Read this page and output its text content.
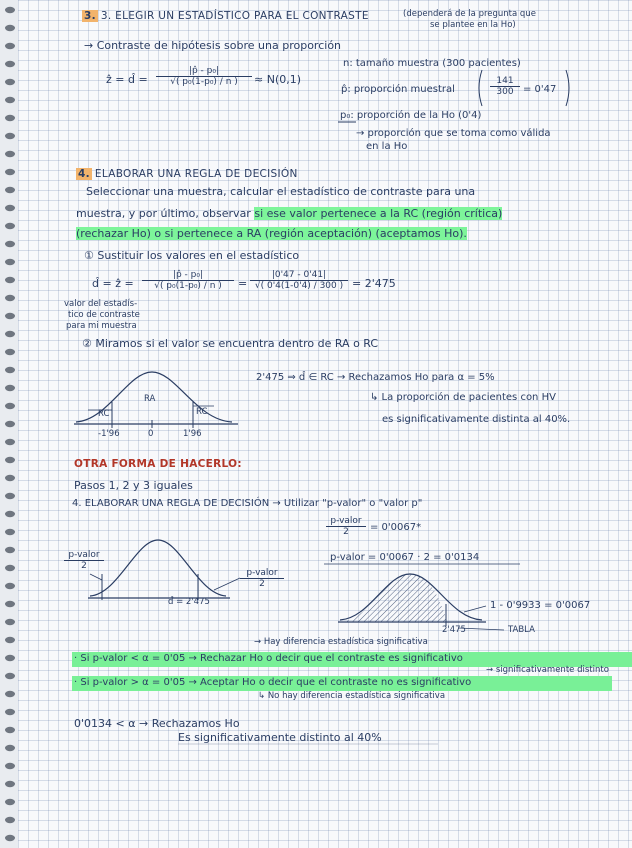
3. 3. ELEGIR UN ESTADÍSTICO PARA EL CONTRASTE	(dependerá de la pregunta que
se plantee en la Ho)
→ Contraste de hipótesis sobre una proporción
ẑ = d̂ = $\frac{\text{|p̂ - p₀|}}{\text{√( p₀(1-p₀) / n )}} \approx N(0,1)$
n: tamaño muestra (300 pacientes)
p̂: proporción muestral	$\frac{141}{300} = 0'47$
p₀: proporción de la Ho (0'4)
→ proporción que se toma como válida
en la Ho
4. ELABORAR UNA REGLA DE DECISIÓN
Seleccionar una muestra, calcular el estadístico de contraste para una
muestra, y por último, observar si ese valor pertenece a la RC (región crítica)
(rechazar Ho) o si pertenece a RA (región aceptación) (aceptamos Ho).
① Sustituir los valores en el estadístico
d̂ = ẑ = $\frac{\text{|p̂ - p₀|}}{\text{√( p₀(1-p₀) / n )}} = \frac{|0'47 - 0'41|}{√( 0'4(1-0'4) / 300 )} = 2'475$
valor del estadís-
tico de contraste
para mi muestra
② Miramos si el valor se encuentra dentro de RA o RC
RA
RC	RC
-1'96	0	1'96
2'475 ⇒ d̂ ∈ RC → Rechazamos Ho para α = 5%
↳ La proporción de pacientes con HV
es significativamente distinta al 40%.
OTRA FORMA DE HACERLO:
Pasos 1, 2 y 3 iguales
4. ELABORAR UNA REGLA DE DECISIÓN → Utilizar "p-valor" o "valor p"
p-valor
2	= 0'0067*
p-valor = 0'0067 · 2 = 0'0134
p-valor
2
p-valor
2
d̂ = 2'475
2'475	TABLA
1 - 0'9933 = 0'0067
→ Hay diferencia estadística significativa
· Si p-valor < α = 0'05 → Rechazar Ho o decir que el contraste es significativo
→ significativamente distinto
· Si p-valor > α = 0'05 → Aceptar Ho o decir que el contraste no es significativo
↳ No hay diferencia estadística significativa
0'0134 < α → Rechazamos Ho
Es significativamente distinto al 40%
